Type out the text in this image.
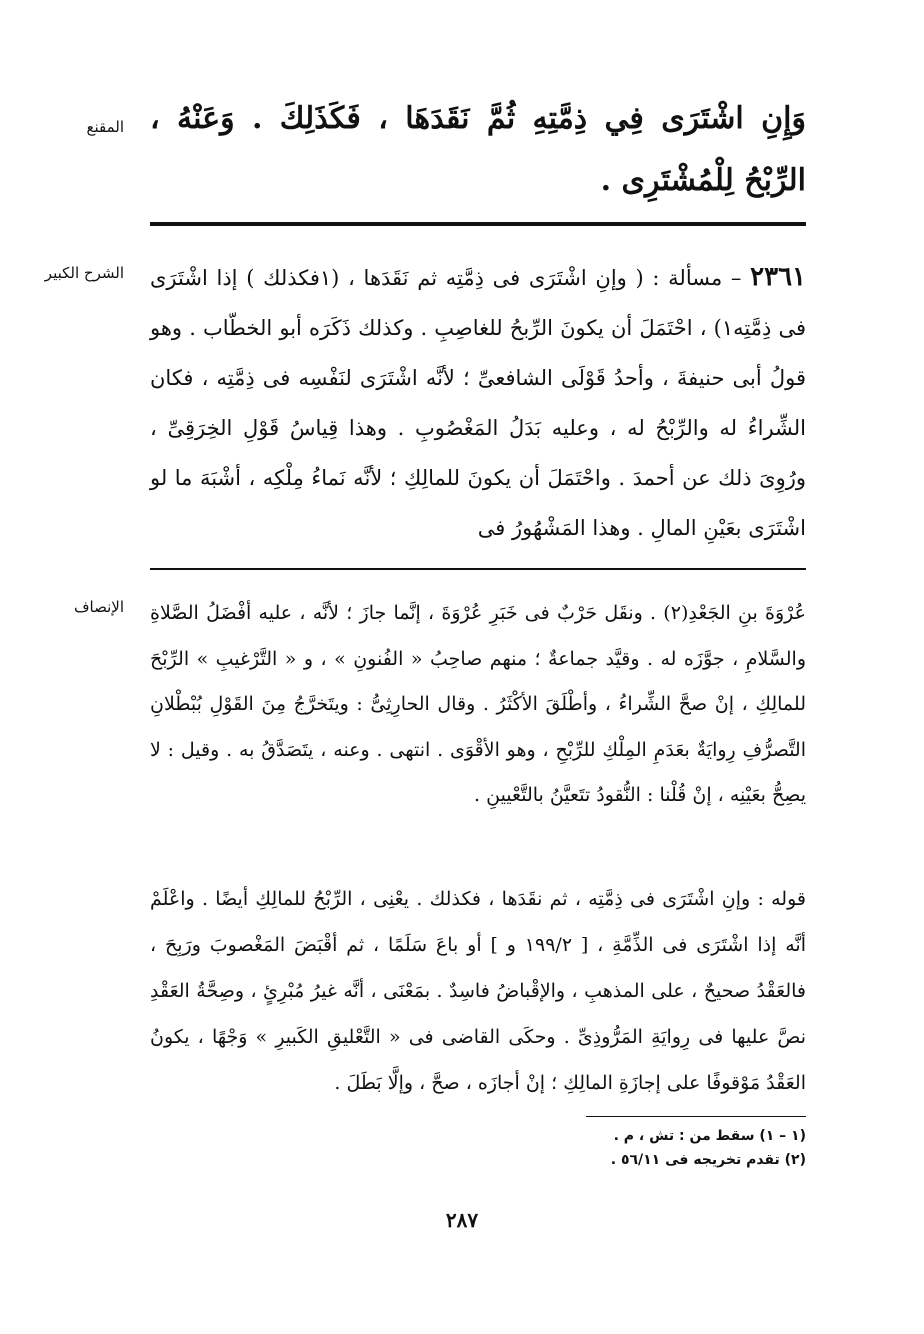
المقنع وَإِنِ اشْتَرَى فِي ذِمَّتِهِ ثُمَّ نَقَدَهَا ، فَكَذَلِكَ . وَعَنْهُ ، الرِّبْحُ لِلْمُشْتَرِى .

الشرح الكبير	٢٣٦١ – مسألة : ( وإنِ اشْتَرَى فى ذِمَّتِه ثم نَقَدَها ، (١فكذلك ) إذا اشْتَرَى فى ذِمَّتِه١) ، احْتَمَلَ أن يكونَ الرِّبحُ للغاصِبِ . وكذلك ذَكَرَه أبو الخطّاب . وهو قولُ أبى حنيفةَ ، وأحدُ قَوْلَى الشافعىِّ ؛ لأنَّه اشْتَرَى لنَفْسِه فى ذِمَّتِه ، فكان الشِّراءُ له والرِّبْحُ له ، وعليه بَدَلُ المَغْصُوبِ . وهذا قِياسُ قَوْلِ الخِرَقِىِّ ، ورُوِىَ ذلك عن أحمدَ . واحْتَمَلَ أن يكونَ للمالِكِ ؛ لأنَّه نَماءُ مِلْكِه ، أشْبَهَ ما لو اشْتَرَى بعَيْنِ المالِ . وهذا المَشْهُورُ فى

الإنصاف عُرْوَةَ بنِ الجَعْدِ(٢) . ونقَل حَرْبٌ فى خَبَرِ عُرْوَةَ ، إنَّما جازَ ؛ لأنَّه ، عليه أفْضَلُ الصَّلاةِ والسَّلامِ ، جوَّزَه له . وقيَّد جماعةٌ ؛ منهم صاحِبُ « الفُنونِ » ، و « التَّرْغيبِ » الرِّبْحَ للمالِكِ ، إنْ صحَّ الشِّراءُ ، وأطْلَقَ الأكْثَرُ . وقال الحارِثِىُّ : ويتَخرَّجُ مِنَ القَوْلِ بُبْطْلانِ التَّصرُّفِ رِوايَةٌ بعَدَمِ المِلْكِ للرِّبْحِ ، وهو الأقْوَى . انتهى . وعنه ، يتَصَدَّقُ به . وقيل : لا يصِحُّ بعَيْنِه ، إنْ قُلْنا : النُّقودُ تتَعيَّنُ بالتَّعْيينِ .

قوله : وإنِ اشْتَرَى فى ذِمَّتِه ، ثم نقَدَها ، فكذلك . يعْنِى ، الرِّبْحُ للمالِكِ أيضًا . واعْلَمْ أنَّه إذا اشْتَرَى فى الذِّمَّةِ ، [ ١٩٩/٢ و ] أو باعَ سَلَمًا ، ثم أقْبَضَ المَغْصوبَ ورَبِحَ ، فالعَقْدُ صحيحٌ ، على المذهبِ ، والإقْباضُ فاسِدٌ . بمَعْنَى ، أنَّه غيرُ مُبْرِئٍ ، وصِحَّةُ العَقْدِ نصَّ عليها فى رِوايَةِ المَرُّوذِىِّ . وحكَى القاضى فى « التَّعْليقِ الكَبيرِ » وَجْهًا ، يكونُ العَقْدُ مَوْقوفًا على إجازَةِ المالِكِ ؛ إنْ أجازَه ، صحَّ ، وإلَّا بَطَلَ .

(١ – ١) سقط من : تش ، م .
(٢) تقدم تخريجه فى ٥٦/١١ .
٢٨٧
